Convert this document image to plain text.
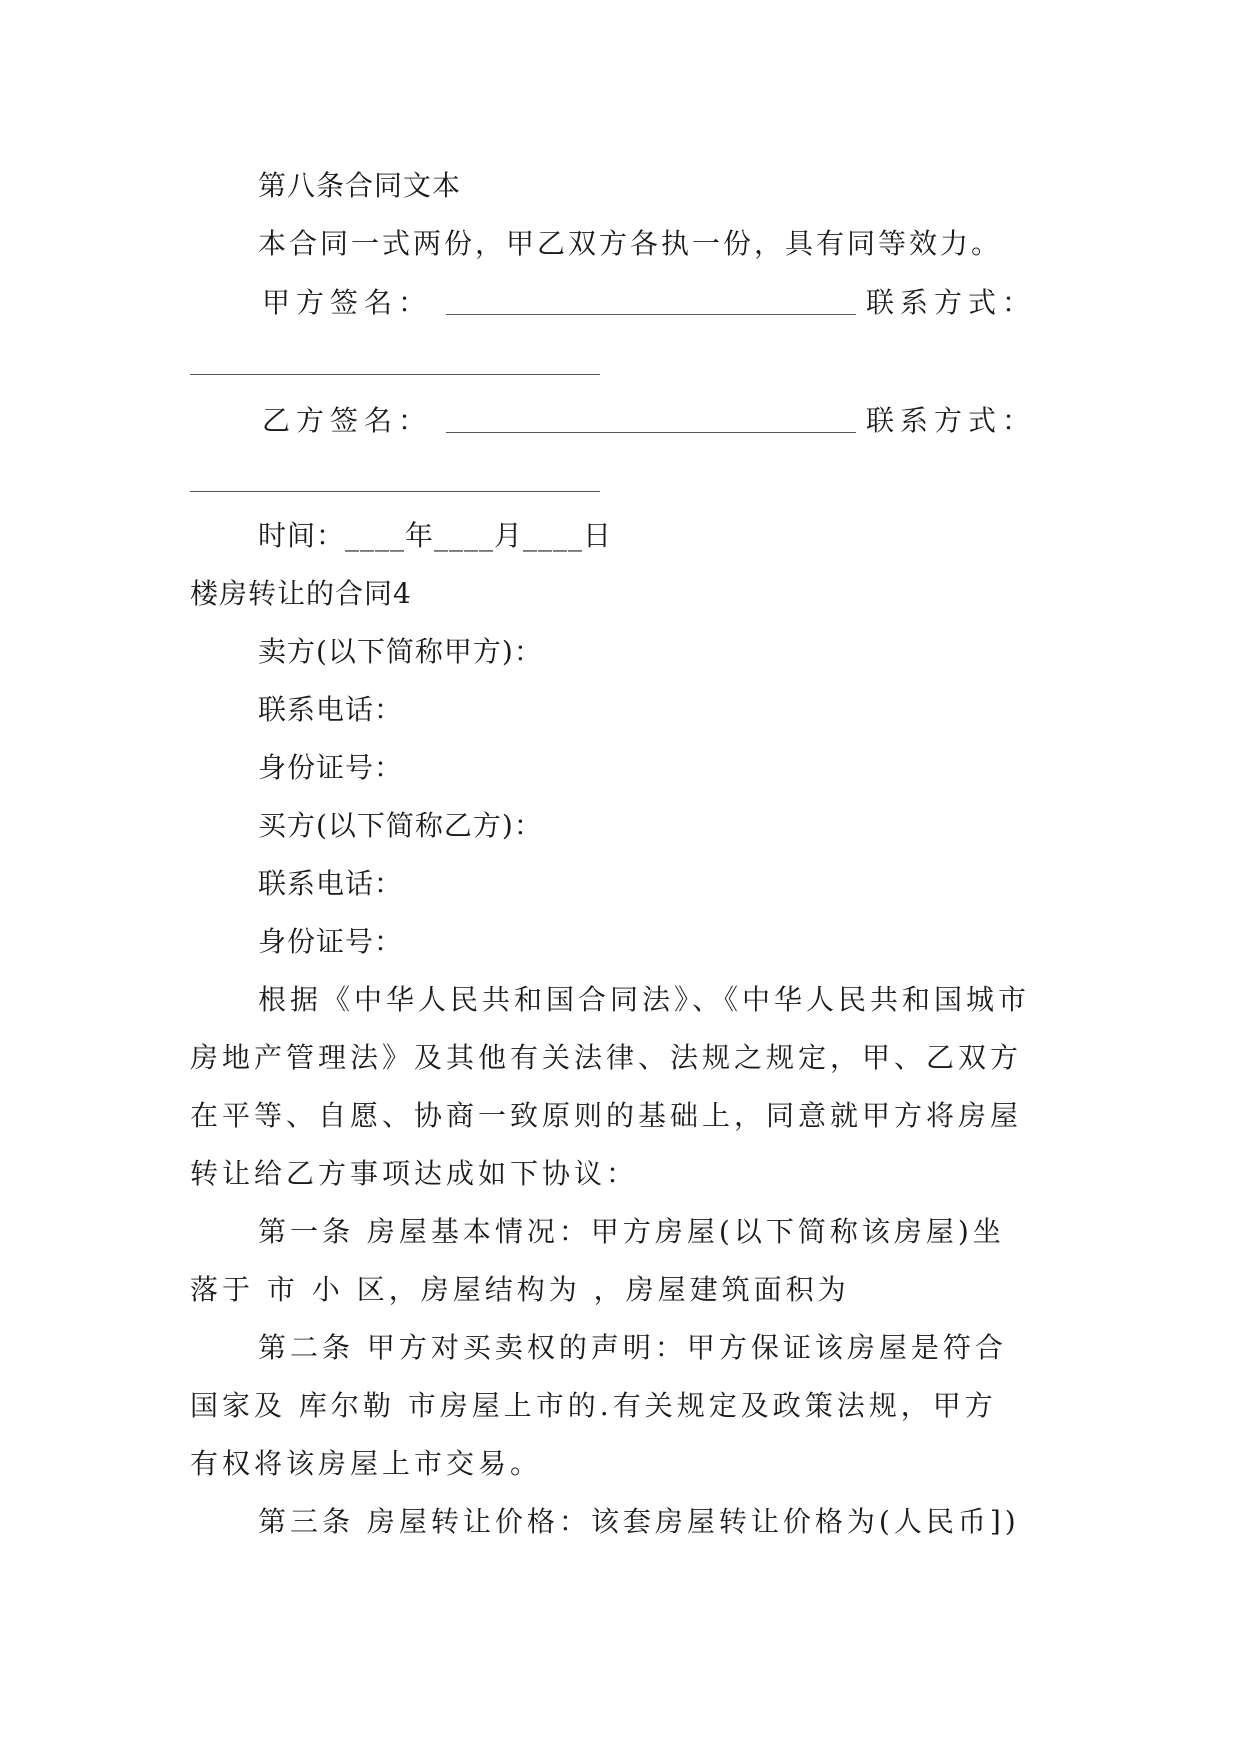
第八条合同文本
本合同一式两份，甲乙双方各执一份，具有同等效力。
甲方签名：	联系方式：
乙方签名：	联系方式：
时间：____年____月____日
楼房转让的合同4
卖方(以下简称甲方)：
联系电话：
身份证号：
买方(以下简称乙方)：
联系电话：
身份证号：
根据《中华人民共和国合同法》、《中华人民共和国城市
房地产管理法》及其他有关法律、法规之规定，甲、乙双方
在平等、自愿、协商一致原则的基础上，同意就甲方将房屋
转让给乙方事项达成如下协议：
第一条 房屋基本情况：甲方房屋(以下简称该房屋)坐
落于 市 小 区，房屋结构为 ，房屋建筑面积为
第二条 甲方对买卖权的声明：甲方保证该房屋是符合
国家及 库尔勒 市房屋上市的.有关规定及政策法规，甲方
有权将该房屋上市交易。
第三条 房屋转让价格：该套房屋转让价格为(人民币])
